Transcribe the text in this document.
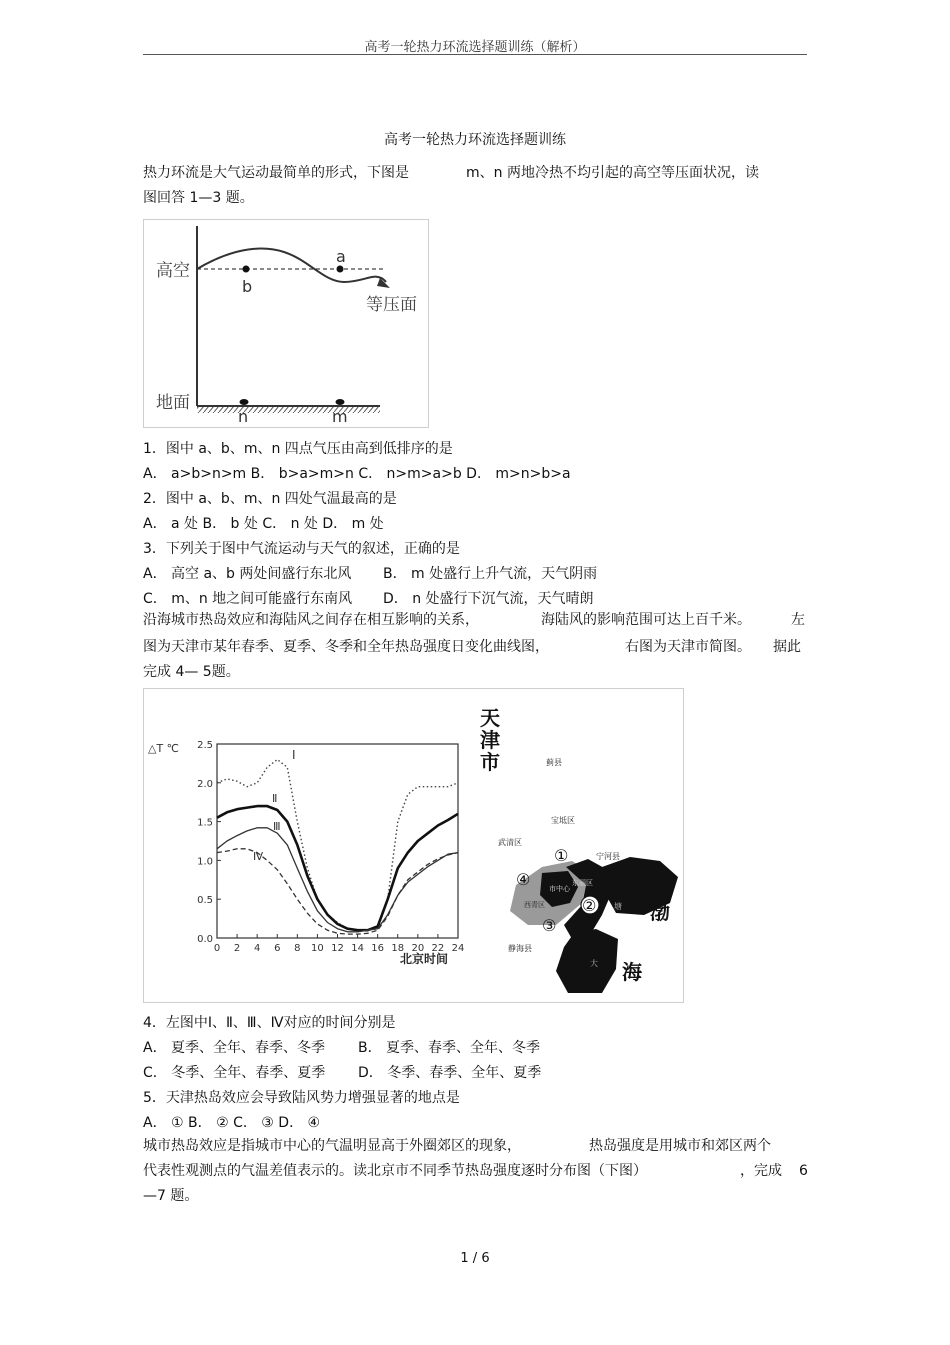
高考一轮热力环流选择题训练（解析）
高考一轮热力环流选择题训练
热力环流是大气运动最简单的形式，下图是	m、n 两地冷热不均引起的高空等压面状况，读
图回答 1—3 题。
高空
地面
等压面
a
b
n	m
1．图中 a、b、m、n 四点气压由高到低排序的是
A． a>b>n>m B． b>a>m>n C． n>m>a>b D． m>n>b>a
2．图中 a、b、m、n 四处气温最高的是
A． a 处 B． b 处 C． n 处 D． m 处
3．下列关于图中气流运动与天气的叙述，正确的是
A． 高空 a、b 两处间盛行东北风 B． m 处盛行上升气流，天气阴雨
C． m、n 地之间可能盛行东南风 D． n 处盛行下沉气流，天气晴朗
沿海城市热岛效应和海陆风之间存在相互影响的关系，	海陆风的影响范围可达上百千米。	左
图为天津市某年春季、夏季、冬季和全年热岛强度日变化曲线图，	右图为天津市简图。 据此
完成 4— 5题。
0.0
0.5
1.0
1.5
2.0
2.5
0 2 4 6 8 10 12 14 16 18 20 22 24
△T ℃
北京时间
Ⅰ
Ⅱ
Ⅲ
Ⅳ
天
津
市	蓟县
宝坻区
武清区
宁河县
①
②
③
④	市中心
东丽区
西青区
静海县
塘
大
渤
海
4．左图中Ⅰ、Ⅱ、Ⅲ、Ⅳ对应的时间分别是
A． 夏季、全年、春季、冬季 B． 夏季、春季、全年、冬季
C． 冬季、全年、春季、夏季 D． 冬季、春季、全年、夏季
5．天津热岛效应会导致陆风势力增强显著的地点是
A． ① B． ② C． ③ D． ④
城市热岛效应是指城市中心的气温明显高于外圈郊区的现象，	热岛强度是用城市和郊区两个
代表性观测点的气温差值表示的。读北京市不同季节热岛强度逐时分布图（下图）	，完成 6
—7 题。
1 / 6
